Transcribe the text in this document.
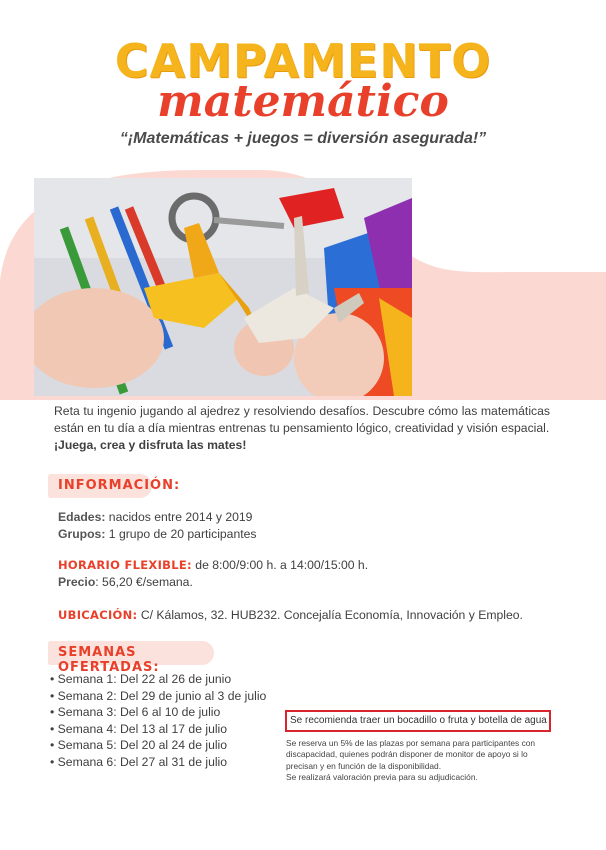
CAMPAMENTO
matemático
“¡Matemáticas + juegos = diversión asegurada!”
Reta tu ingenio jugando al ajedrez y resolviendo desafíos. Descubre cómo las matemáticas están en tu día a día mientras entrenas tu pensamiento lógico, creatividad y visión espacial.
¡Juega, crea y disfruta las mates!
INFORMACIÓN:
Edades: nacidos entre 2014 y 2019
Grupos: 1 grupo de 20 participantes
HORARIO FLEXIBLE: de 8:00/9:00 h. a 14:00/15:00 h.
Precio: 56,20 €/semana.
UBICACIÓN: C/ Kálamos, 32. HUB232. Concejalía Economía, Innovación y Empleo.
SEMANAS OFERTADAS:
• Semana 1: Del 22 al 26 de junio
• Semana 2: Del 29 de junio al 3 de julio
• Semana 3: Del 6 al 10 de julio
• Semana 4: Del 13 al 17 de julio
• Semana 5: Del 20 al 24 de julio
• Semana 6: Del 27 al 31 de julio
Se recomienda traer un bocadillo o fruta y botella de agua
Se reserva un 5% de las plazas por semana para participantes con
discapacidad, quienes podrán disponer de monitor de apoyo si lo
precisan y en función de la disponibilidad.
Se realizará valoración previa para su adjudicación.
